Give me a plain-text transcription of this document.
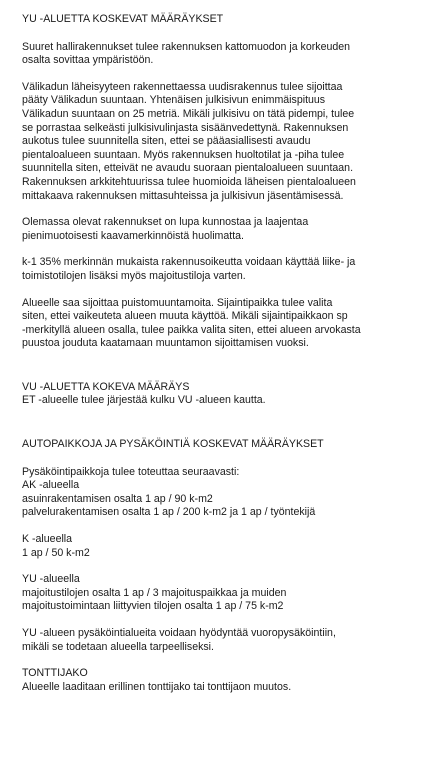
YU -ALUETTA KOSKEVAT MÄÄRÄYKSET
Suuret hallirakennukset tulee rakennuksen kattomuodon ja korkeuden
osalta sovittaa ympäristöön.
Välikadun läheisyyteen rakennettaessa uudisrakennus tulee sijoittaa
pääty Välikadun suuntaan. Yhtenäisen julkisivun enimmäispituus
Välikadun suuntaan on 25 metriä. Mikäli julkisivu on tätä pidempi, tulee
se porrastaa selkeästi julkisivulinjasta sisäänvedettynä. Rakennuksen
aukotus tulee suunnitella siten, ettei se pääasiallisesti avaudu
pientaloalueen suuntaan. Myös rakennuksen huoltotilat ja -piha tulee
suunnitella siten, etteivät ne avaudu suoraan pientaloalueen suuntaan.
Rakennuksen arkkitehtuurissa tulee huomioida läheisen pientaloalueen
mittakaava rakennuksen mittasuhteissa ja julkisivun jäsentämisessä.
Olemassa olevat rakennukset on lupa kunnostaa ja laajentaa
pienimuotoisesti kaavamerkinnöistä huolimatta.
k-1 35% merkinnän mukaista rakennusoikeutta voidaan käyttää liike- ja
toimistotilojen lisäksi myös majoitustiloja varten.
Alueelle saa sijoittaa puistomuuntamoita. Sijaintipaikka tulee valita
siten, ettei vaikeuteta alueen muuta käyttöä. Mikäli sijaintipaikkaon sp
-merkityllä alueen osalla, tulee paikka valita siten, ettei alueen arvokasta
puustoa jouduta kaatamaan muuntamon sijoittamisen vuoksi.
VU -ALUETTA KOKEVA MÄÄRÄYS
ET -alueelle tulee järjestää kulku VU -alueen kautta.
AUTOPAIKKOJA JA PYSÄKÖINTIÄ KOSKEVAT MÄÄRÄYKSET
Pysäköintipaikkoja tulee toteuttaa seuraavasti:
AK -alueella
asuinrakentamisen osalta 1 ap / 90 k-m2
palvelurakentamisen osalta 1 ap / 200 k-m2 ja 1 ap / työntekijä
K -alueella
1 ap / 50 k-m2
YU -alueella
majoitustilojen osalta 1 ap / 3 majoituspaikkaa ja muiden
majoitustoimintaan liittyvien tilojen osalta 1 ap / 75 k-m2
YU -alueen pysäköintialueita voidaan hyödyntää vuoropysäköintiin,
mikäli se todetaan alueella tarpeelliseksi.
TONTTIJAKO
Alueelle laaditaan erillinen tonttijako tai tonttijaon muutos.
